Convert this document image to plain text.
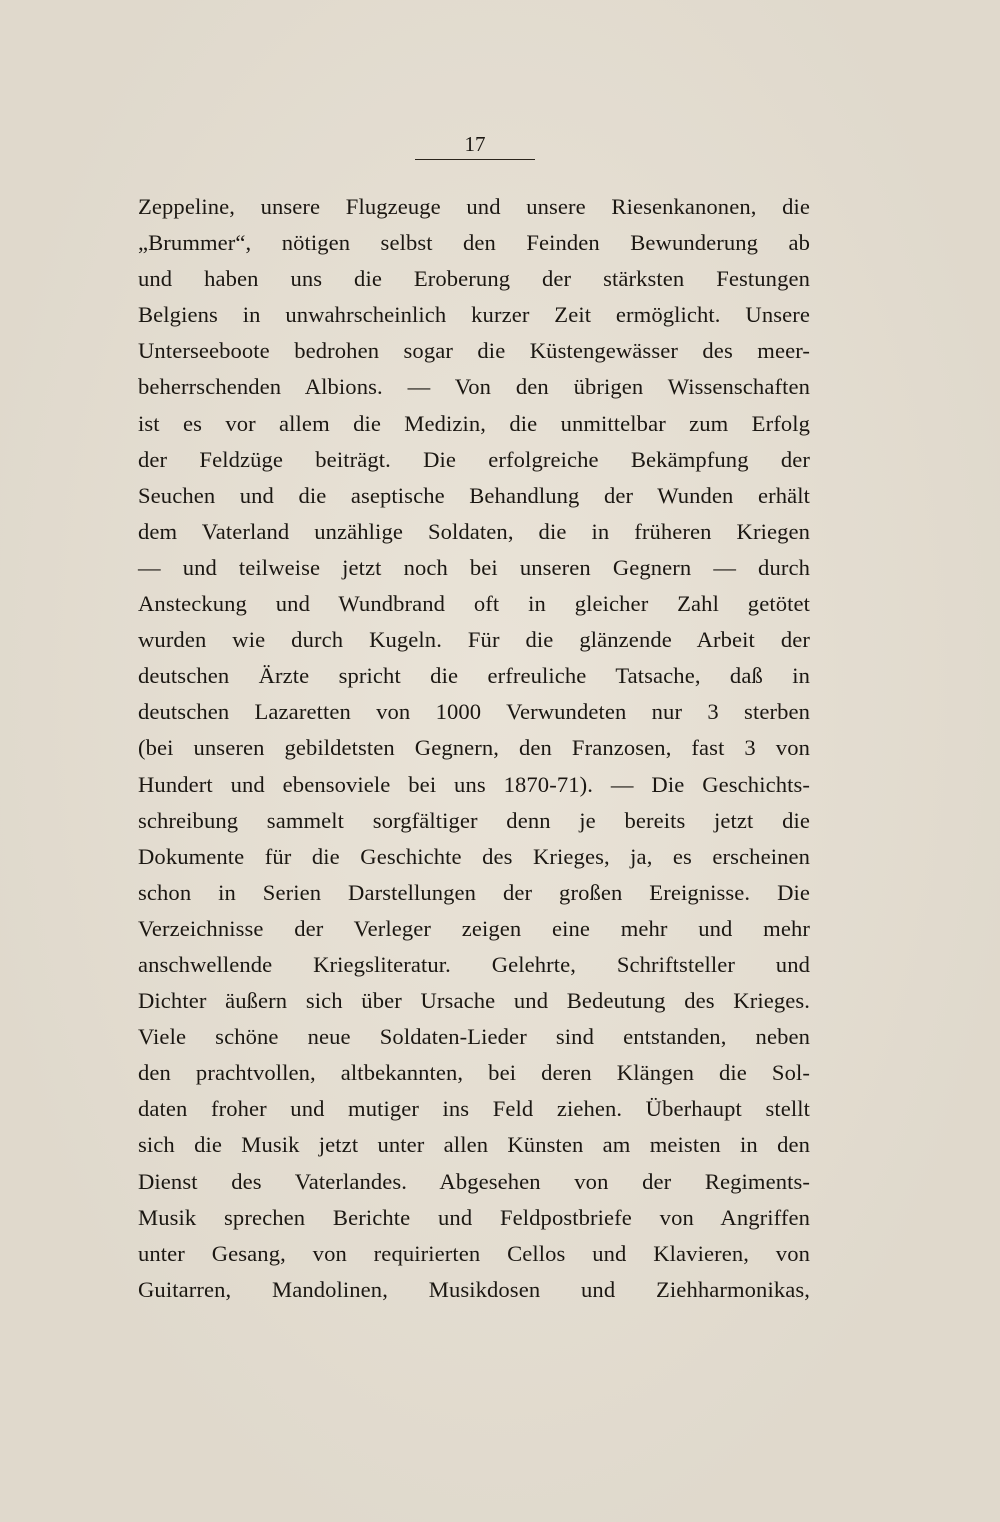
17
Zeppeline, unsere Flugzeuge und unsere Riesenkanonen, die
„Brummer“, nötigen selbst den Feinden Bewunderung ab
und haben uns die Eroberung der stärksten Festungen
Belgiens in unwahrscheinlich kurzer Zeit ermöglicht. Unsere
Unterseeboote bedrohen sogar die Küstengewässer des meer-
beherrschenden Albions. — Von den übrigen Wissenschaften
ist es vor allem die Medizin, die unmittelbar zum Erfolg
der Feldzüge beiträgt. Die erfolgreiche Bekämpfung der
Seuchen und die aseptische Behandlung der Wunden erhält
dem Vaterland unzählige Soldaten, die in früheren Kriegen
— und teilweise jetzt noch bei unseren Gegnern — durch
Ansteckung und Wundbrand oft in gleicher Zahl getötet
wurden wie durch Kugeln. Für die glänzende Arbeit der
deutschen Ärzte spricht die erfreuliche Tatsache, daß in
deutschen Lazaretten von 1000 Verwundeten nur 3 sterben
(bei unseren gebildetsten Gegnern, den Franzosen, fast 3 von
Hundert und ebensoviele bei uns 1870-71). — Die Geschichts-
schreibung sammelt sorgfältiger denn je bereits jetzt die
Dokumente für die Geschichte des Krieges, ja, es erscheinen
schon in Serien Darstellungen der großen Ereignisse. Die
Verzeichnisse der Verleger zeigen eine mehr und mehr
anschwellende Kriegsliteratur. Gelehrte, Schriftsteller und
Dichter äußern sich über Ursache und Bedeutung des Krieges.
Viele schöne neue Soldaten-Lieder sind entstanden, neben
den prachtvollen, altbekannten, bei deren Klängen die Sol-
daten froher und mutiger ins Feld ziehen. Überhaupt stellt
sich die Musik jetzt unter allen Künsten am meisten in den
Dienst des Vaterlandes. Abgesehen von der Regiments-
Musik sprechen Berichte und Feldpostbriefe von Angriffen
unter Gesang, von requirierten Cellos und Klavieren, von
Guitarren, Mandolinen, Musikdosen und Ziehharmonikas,
